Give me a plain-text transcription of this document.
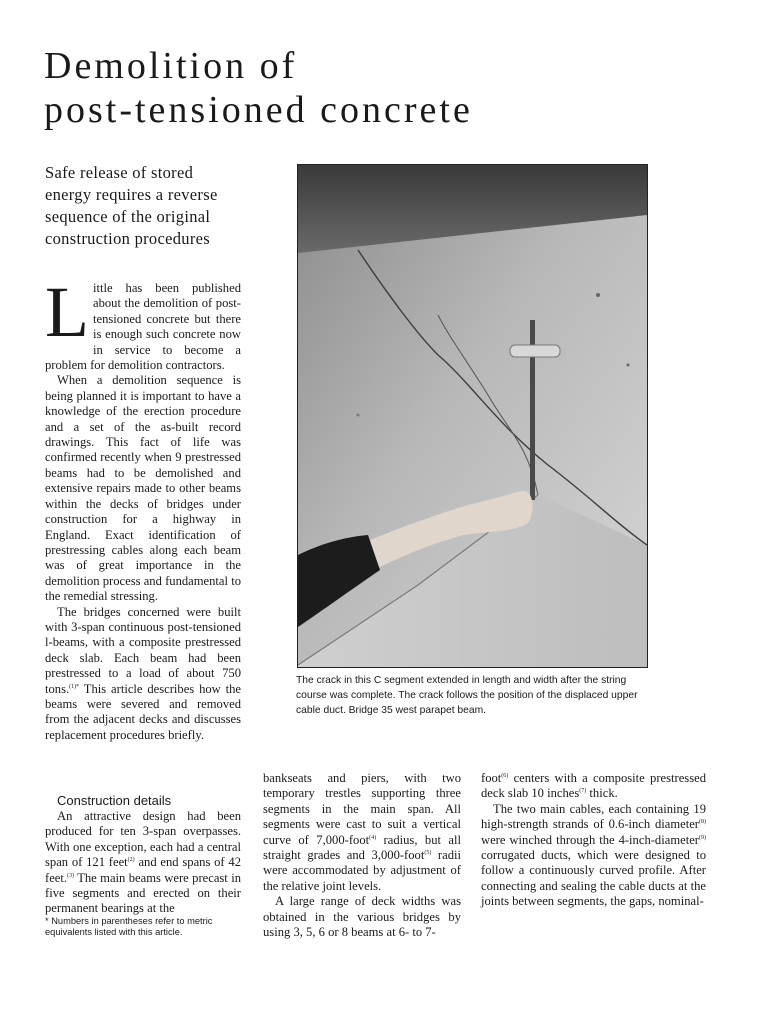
Demolition of
post-tensioned concrete
Safe release of stored
energy requires a reverse
sequence of the original
construction procedures

Little has been published about the demolition of post-tensioned concrete but there is enough such concrete now in service to become a problem for demolition contractors.

When a demolition sequence is being planned it is important to have a knowledge of the erection procedure and a set of the as-built record drawings. This fact of life was confirmed recently when 9 prestressed beams had to be demolished and extensive repairs made to other beams within the decks of bridges under construction for a highway in England. Exact identification of prestressing cables along each beam was of great importance in the demolition process and fundamental to the remedial stressing.

The bridges concerned were built with 3-span continuous post-tensioned l-beams, with a composite prestressed deck slab. Each beam had been prestressed to a load of about 750 tons.$^{(1)*}$ This article describes how the beams were severed and removed from the adjacent decks and discusses replacement procedures briefly.

Construction details

An attractive design had been produced for ten 3-span overpasses. With one exception, each had a central span of 121 feet$^{(2)}$ and end spans of 42 feet.$^{(3)}$ The main beams were precast in five segments and erected on their permanent bearings at the

* Numbers in parentheses refer to metric equivalents listed with this article.
The crack in this C segment extended in length and width after the string course was complete. The crack follows the position of the displaced upper cable duct. Bridge 35 west parapet beam.

bankseats and piers, with two temporary trestles supporting three segments in the main span. All segments were cast to suit a vertical curve of 7,000-foot$^{(4)}$ radius, but all straight grades and 3,000-foot$^{(5)}$ radii were accommodated by adjustment of the relative joint levels.

A large range of deck widths was obtained in the various bridges by using 3, 5, 6 or 8 beams at 6- to 7-

foot$^{(6)}$ centers with a composite prestressed deck slab 10 inches$^{(7)}$ thick.

The two main cables, each containing 19 high-strength strands of 0.6-inch diameter$^{(8)}$ were winched through the 4-inch-diameter$^{(9)}$ corrugated ducts, which were designed to follow a continuously curved profile. After connecting and sealing the cable ducts at the joints between segments, the gaps, nominal-
